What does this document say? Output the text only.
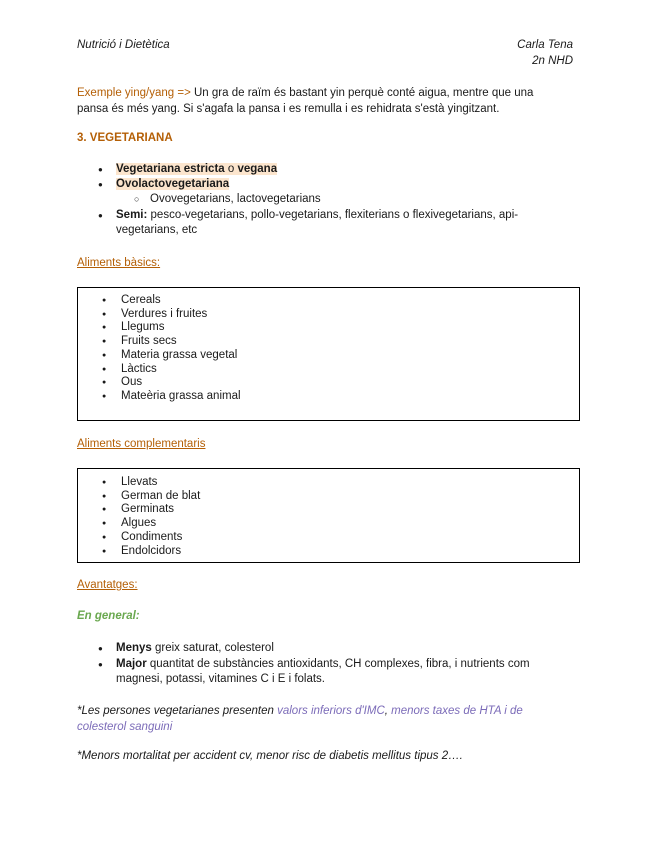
Nutrició i Dietètica	Carla Tena
2n NHD
Exemple ying/yang => Un gra de raïm és bastant yin perquè conté aigua, mentre que una
pansa és més yang. Si s'agafa la pansa i es remulla i es rehidrata s'està yingitzant.
3. VEGETARIANA
● Vegetariana estricta o vegana
● Ovolactovegetariana
○ Ovovegetarians, lactovegetarians
● Semi: pesco-vegetarians, pollo-vegetarians, flexiterians o flexivegetarians, api-
vegetarians, etc
Aliments bàsics:
● Cereals
● Verdures i fruites
● Llegums
● Fruits secs
● Materia grassa vegetal
● Làctics
● Ous
● Mateèria grassa animal
Aliments complementaris
● Llevats
● German de blat
● Germinats
● Algues
● Condiments
● Endolcidors
Avantatges:
En general:
● Menys greix saturat, colesterol
● Major quantitat de substàncies antioxidants, CH complexes, fibra, i nutrients com
magnesi, potassi, vitamines C i E i folats.
*Les persones vegetarianes presenten valors inferiors d'IMC, menors taxes de HTA i de
colesterol sanguini
*Menors mortalitat per accident cv, menor risc de diabetis mellitus tipus 2….
